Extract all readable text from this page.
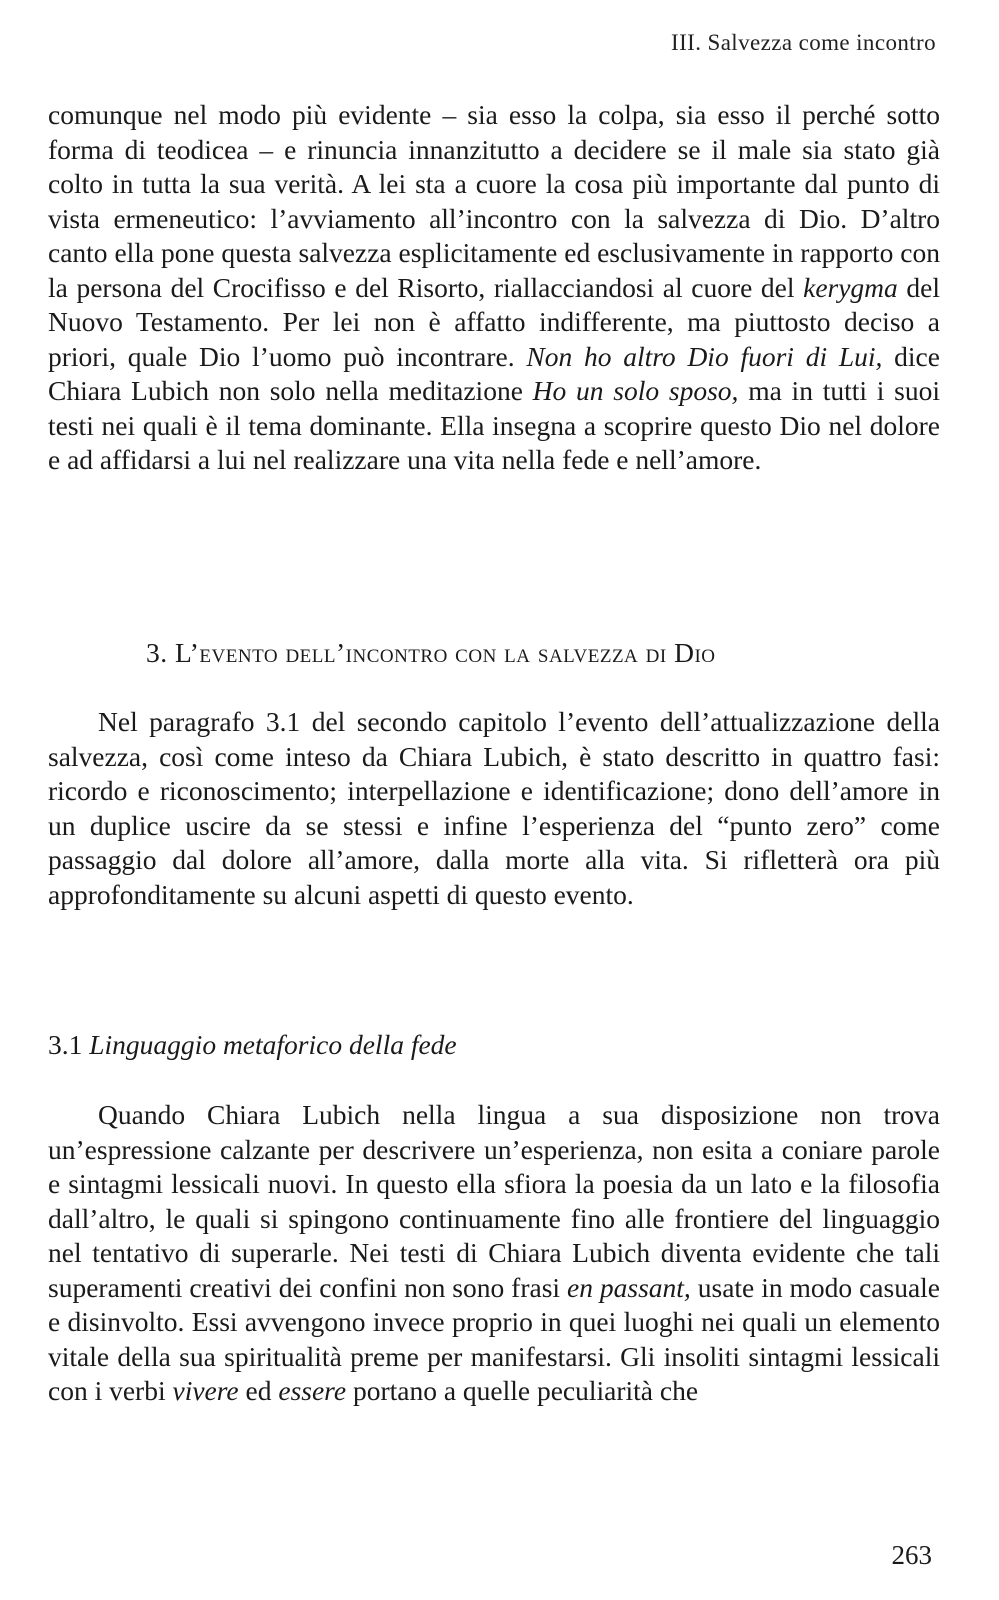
III. Salvezza come incontro

comunque nel modo più evidente – sia esso la colpa, sia esso il perché sotto forma di teodicea – e rinuncia innanzitutto a decidere se il male sia stato già colto in tutta la sua verità. A lei sta a cuore la cosa più importante dal punto di vista ermeneutico: l’avviamento all’incontro con la salvezza di Dio. D’altro canto ella pone questa salvezza esplicitamente ed esclusivamente in rapporto con la persona del Crocifisso e del Risorto, riallacciandosi al cuore del kerygma del Nuovo Testamento. Per lei non è affatto indifferente, ma piuttosto deciso a priori, quale Dio l’uomo può incontrare. Non ho altro Dio fuori di Lui, dice Chiara Lubich non solo nella meditazione Ho un solo sposo, ma in tutti i suoi testi nei quali è il tema dominante. Ella insegna a scoprire questo Dio nel dolore e ad affidarsi a lui nel realizzare una vita nella fede e nell’amore.

3. L’evento dell’incontro con la salvezza di Dio

Nel paragrafo 3.1 del secondo capitolo l’evento dell’attualizzazione della salvezza, così come inteso da Chiara Lubich, è stato descritto in quattro fasi: ricordo e riconoscimento; interpellazione e identificazione; dono dell’amore in un duplice uscire da se stessi e infine l’esperienza del “punto zero” come passaggio dal dolore all’amore, dalla morte alla vita. Si rifletterà ora più approfonditamente su alcuni aspetti di questo evento.

3.1 Linguaggio metaforico della fede

Quando Chiara Lubich nella lingua a sua disposizione non trova un’espressione calzante per descrivere un’esperienza, non esita a coniare parole e sintagmi lessicali nuovi. In questo ella sfiora la poesia da un lato e la filosofia dall’altro, le quali si spingono continuamente fino alle frontiere del linguaggio nel tentativo di superarle. Nei testi di Chiara Lubich diventa evidente che tali superamenti creativi dei confini non sono frasi en passant, usate in modo casuale e disinvolto. Essi avvengono invece proprio in quei luoghi nei quali un elemento vitale della sua spiritualità preme per manifestarsi. Gli insoliti sintagmi lessicali con i verbi vivere ed essere portano a quelle peculiarità che

263
